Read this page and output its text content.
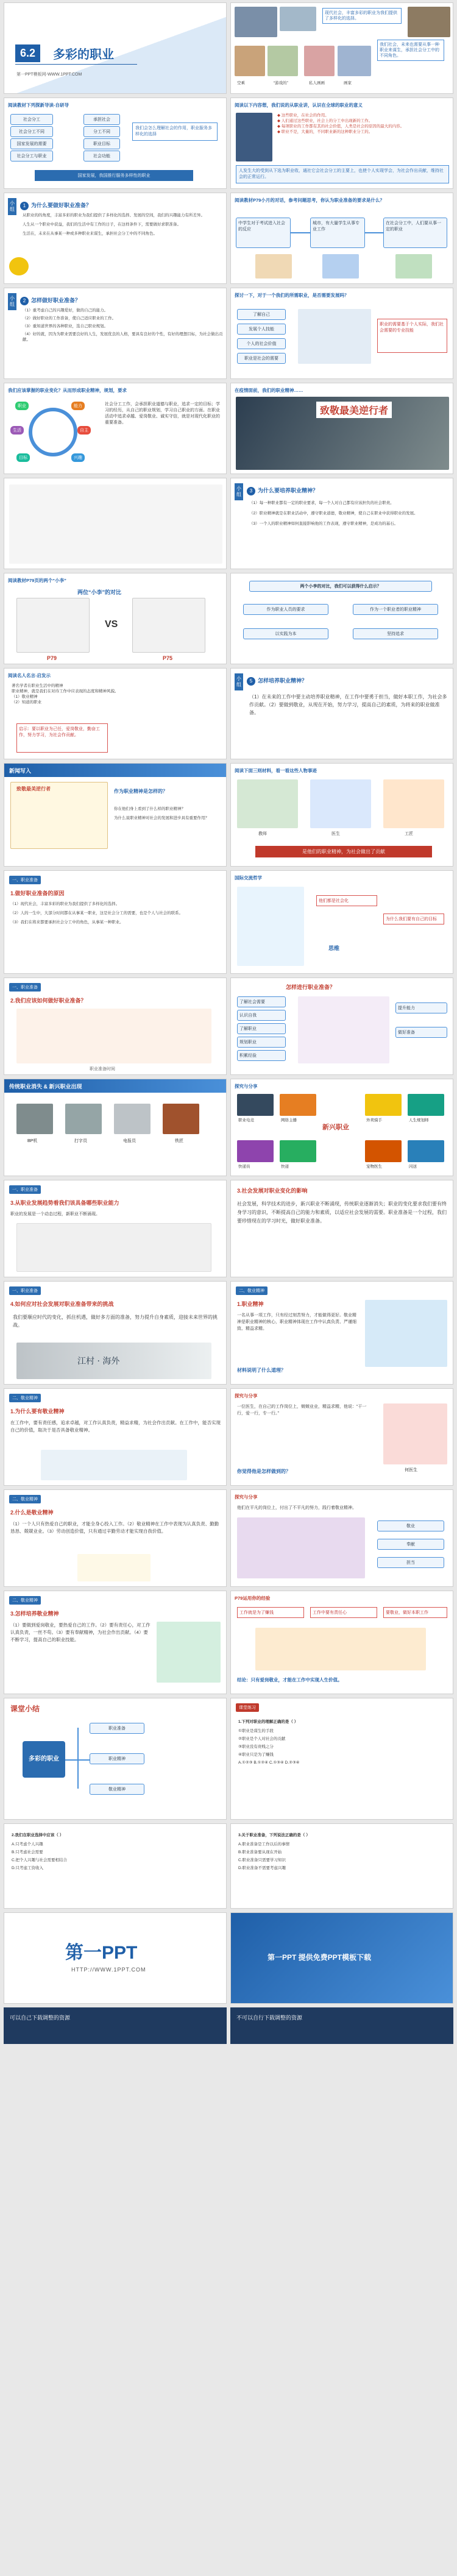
6.2	多彩的职业
第一PPT模板网-WWW.1PPT.COM
现代社会，丰富多彩的职业为我们提供了多样化的选择。
我们社会，未来也需要从事一种职业来谋生，承担社会分工中的不同角色。
空乘	“游戏的”	私人画画	画家
阅读教材下列探新导读-自研导
社会分工
社会分工不同
国家发展的需要
社会分工与职业
承担社会
分工不同
职业目标
社会功能
我们会怎么理解社会的作用，职业服务多样化的选择
国家发展，我国推行服务多样性的职业
阅读以下内容想，我们说的从职业讲，认识在全球的职业的意义
◆ 这些职业，在社会的作用。
◆ 人们通过这些职业，社会上的分工中出现新的工作。
◆ 每项职业的工作都有其的社会价值，人类是社会的原因的最大的内容。
◆ 职业不是，大量的，不同职业新的这种职业分工的。
人发生大的受到从下选为职业收，通社它会社会分工的主要上，也使个人实现学会，为社会作出贡献，维持社会的正常运行。
小组
1 为什么要做好职业准备？
从职业的的角度，丰富多彩的职业为我们提供了多样化的选择、发展的空间，我们的兴趣能力有所差异。
人生从一个职业中获益，我们的生活中有工作的日子，在这样条件下，需要做好求职准备。
生活在，未来在从事某一种或多种职业来谋生，承担社会分工中的不同角色。
阅读教材P79小月的对话，参考问题思考，你认为职业准备的要求是什么？
中学生对于考试进入社会的反应
城市，有大量学生从事专业工作
在社会分工中，人们要从事一定的职业
小组
2 怎样做好职业准备？
（1）重考虑自己的兴趣爱好，做的自己的能力。
（2）做好职业的工作准备，使自己适应职业的工作。
（3）重知道世界的各种职业，选自己职业规划。
（4）好的就，因为为职业需要良好的人生，发展优良的人格，要具有良好的个性，有好的理想目标，为社会做出贡献。
探讨一下，对于一个我们的所需职业，是否需要发展吗？
了解自己
发展个人技能
个人的社会价值
职业是社会的需要
职业的需要基于个人实际，我们社会需要的专业技能
我们应该掌握的职业变化？从而形成职业精神，规划，要求
职业	能力
生活	自主
目标	兴趣
社会分工工作，会承担职业道德与职业，追求一定的目标；学习的经历，从自己的职业规划，学习自己职业的方面。在职业活动中追求卓越、爱岗敬业、诚实守信，就是对现代化职业的重要准备。
在疫情面前，我们的职业精神……
致敬最美逆行者
小组
3 为什么要培养职业精神？
（1）每一种职业都有一定的职业要求，每一个人对自己都有应该担负的社会职责。
（2）职业精神就是在职业活动中，遵守职业道德，敬业精神，使自己在职业中获得职业的发展。
（3）一个人的职业精神如何直接影响他的工作表现，遵守职业精神，是成功的基石。
阅读教材P79页的两个“小李”
两位“小李”的对比
VS
P79	P75
两个小李的对比，我们可以获得什么启示？
作为职业人员的要求	作为一个职业者的职业精神
以实践为本	坚持追求
阅读名人名言-启发示
著名学者在职业生活中的精神
职业精神，就是我们在对待工作中应表现的态度和精神风貌。
（1）敬业精神
（2）知道的职业
启示：要以职业为己任，爱岗敬业，勤奋工作，努力学习，为社会作贡献。
小组
5 怎样培养职业精神？
（1）在未来的工作中要主动培养职业精神，在工作中要勇于担当，做好本职工作，为社会多作贡献。（2）要做到敬业，从现在开始，努力学习，提高自己的素质，为将来的职业做准备。
新闻写入
致敬最美逆行者	作为职业精神是怎样的？
你在他们身上看到了什么样的职业精神？
为什么说职业精神对社会的发展和进步具有重要作用？
阅读下面三则材料，看一看这些人物事迹
教师	医生	工匠
是他们的职业精神，为社会做出了贡献
一、职业准备
1.做好职业准备的原因
（1）现代社会，丰富多彩的职业为我们提供了多样化的选择。
（2）人的一生中，大部分时间都在从事某一职业，这是社会分工的需要，也是个人与社会的联系。
（3）我们在将来都要承担社会分工中的角色，从事某一种职业。
国际交流哲学
他们都是社会化
为什么我们要有自己的目标
思维
一、职业准备
2.我们应该如何做好职业准备？
职业准备时间
怎样进行职业准备？
了解社会需要
认识自我
了解职业
规划职业
积累经验
提升能力
做好准备
传统职业消失 & 新兴职业出现
BP机	打字员	电报员	铁匠
探究与分享
新兴职业
职业电竞	网络主播	外卖骑手	人生规划师
快递员	快递	宠物医生	闪送
一、职业准备
3.从职业发展趋势看我们该具备哪些职业能力
职业的发展是一个动态过程，新职业不断涌现。
3.社会发展对职业变化的影响
社会发展，科学技术的进步，新兴职业不断涌现，传统职业逐渐消失；职业的变化要求我们要有终身学习的意识，不断提高自己的能力和素质，以适应社会发展的需要。职业准备是一个过程，我们要珍惜现在的学习时光，做好职业准备。
一、职业准备
4.如何应对社会发展对职业准备带来的挑战
我们要顺应时代的变化，抓住机遇，做好多方面的准备，努力提升自身素质，迎接未来世界的挑战。
江村 · 海外
二、敬业精神
1.职业精神
一名从事一项工作，只有经过刻苦努力，才能做得更好。敬业精神是职业精神的核心，职业精神体现在工作中认真负责、严谨细致、精益求精。
材料说明了什么道理？
二、敬业精神
1.为什么要有敬业精神
在工作中，要有责任感，追求卓越，对工作认真负责，精益求精，为社会作出贡献。在工作中，能否实现自己的价值，取决于是否具备敬业精神。
探究与分享
一位医生，在自己的工作岗位上，兢兢业业，精益求精，他说：“干一行，爱一行，专一行。”
何医生
你觉得他是怎样做到的？
二、敬业精神
2.什么是敬业精神
（1）一个人只有热爱自己的职业，才能全身心投入工作。（2）敬业精神在工作中表现为认真负责、勤勤恳恳、兢兢业业。（3）劳动创造价值，只有通过辛勤劳动才能实现自我价值。
探究与分享
他们在平凡的岗位上，付出了不平凡的努力，践行着敬业精神。
敬业
奉献
担当
二、敬业精神
3.怎样培养敬业精神
（1）要做到爱岗敬业，要热爱自己的工作。（2）要有责任心，对工作认真负责，一丝不苟。（3）要有奉献精神，为社会作出贡献。（4）要不断学习，提高自己的职业技能。
P79运用你的经验
工作就是为了赚钱	工作中要有责任心	要敬业，做好本职工作
结论：只有爱岗敬业，才能在工作中实现人生价值。
课堂小结
多彩的职业
职业准备
职业精神
敬业精神
课堂练习
1.下列对职业的理解正确的是（ ）
①职业是谋生的手段
②职业是个人对社会的贡献
③职业没有贵贱之分
④职业只是为了赚钱
A.①②③ B.①②④ C.①③④ D.②③④
2.我们在职业选择中应该（ ）
A.只考虑个人兴趣
B.只考虑社会需要
C.把个人兴趣与社会需要相结合
D.只考虑工资收入
3.关于职业准备，下列说法正确的是（ ）
A.职业准备是工作以后的事情
B.职业准备要从现在开始
C.职业准备只需要学习知识
D.职业准备不需要考虑兴趣
第一PPT
HTTP://WWW.1PPT.COM
第一PPT 提供免费PPT模板下载
可以自己下载调整的资源	不可以自行下载调整的资源
